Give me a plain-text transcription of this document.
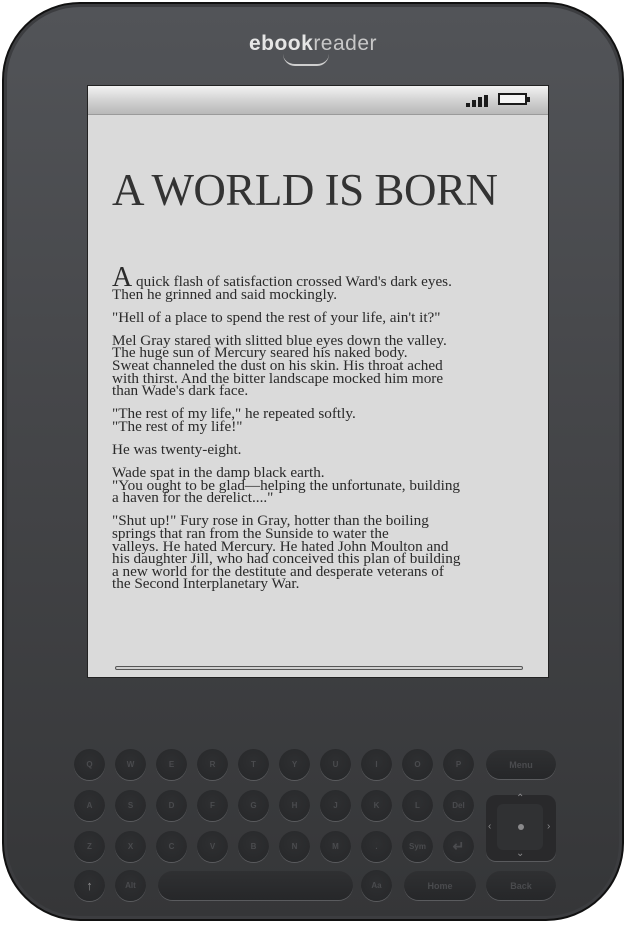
ebookreader
A WORLD IS BORN

A quick flash of satisfaction crossed Ward's dark eyes.
Then he grinned and said mockingly.

"Hell of a place to spend the rest of your life, ain't it?"

Mel Gray stared with slitted blue eyes down the valley.
The huge sun of Mercury seared his naked body.
Sweat channeled the dust on his skin. His throat ached
with thirst. And the bitter landscape mocked him more
than Wade's dark face.

"The rest of my life," he repeated softly.
"The rest of my life!"

He was twenty-eight.

Wade spat in the damp black earth.
"You ought to be glad—helping the unfortunate, building
a haven for the derelict...."

"Shut up!" Fury rose in Gray, hotter than the boiling
springs that ran from the Sunside to water the
valleys. He hated Mercury. He hated John Moulton and
his daughter Jill, who had conceived this plan of building
a new world for the destitute and desperate veterans of
the Second Interplanetary War.

Q	W	E	R	T	Y	U	I	O	P	Menu
A	S	D	F	G	H	J	K	L	Del
Z	X	C	V	B	N	M	.	Sym	↵
⌃
⌄
‹	›
↑	Alt	Aa	Home	Back
